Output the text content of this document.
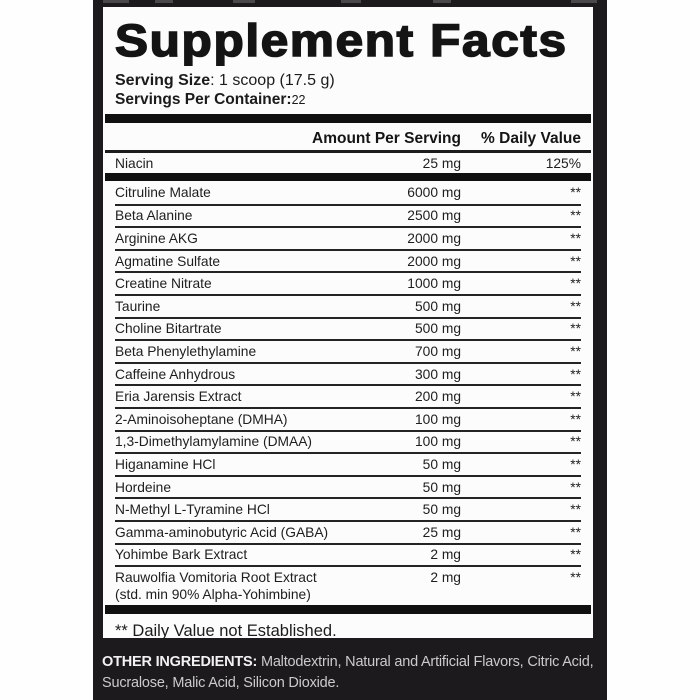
Supplement Facts
Serving Size: 1 scoop (17.5 g)
Servings Per Container:22
Amount Per Serving	% Daily Value
Niacin	25 mg	125%
Citruline Malate	6000 mg	**
Beta Alanine	2500 mg	**
Arginine AKG	2000 mg	**
Agmatine Sulfate	2000 mg	**
Creatine Nitrate	1000 mg	**
Taurine	500 mg	**
Choline Bitartrate	500 mg	**
Beta Phenylethylamine	700 mg	**
Caffeine Anhydrous	300 mg	**
Eria Jarensis Extract	200 mg	**
2-Aminoisoheptane (DMHA)	100 mg	**
1,3-Dimethylamylamine (DMAA)	100 mg	**
Higanamine HCl	50 mg	**
Hordeine	50 mg	**
N-Methyl L-Tyramine HCl	50 mg	**
Gamma-aminobutyric Acid (GABA)	25 mg	**
Yohimbe Bark Extract	2 mg	**
Rauwolfia Vomitoria Root Extract
(std. min 90% Alpha-Yohimbine)
2 mg	**
** Daily Value not Established.
OTHER INGREDIENTS: Maltodextrin, Natural and Artificial Flavors, Citric Acid, Sucralose, Malic Acid, Silicon Dioxide.
